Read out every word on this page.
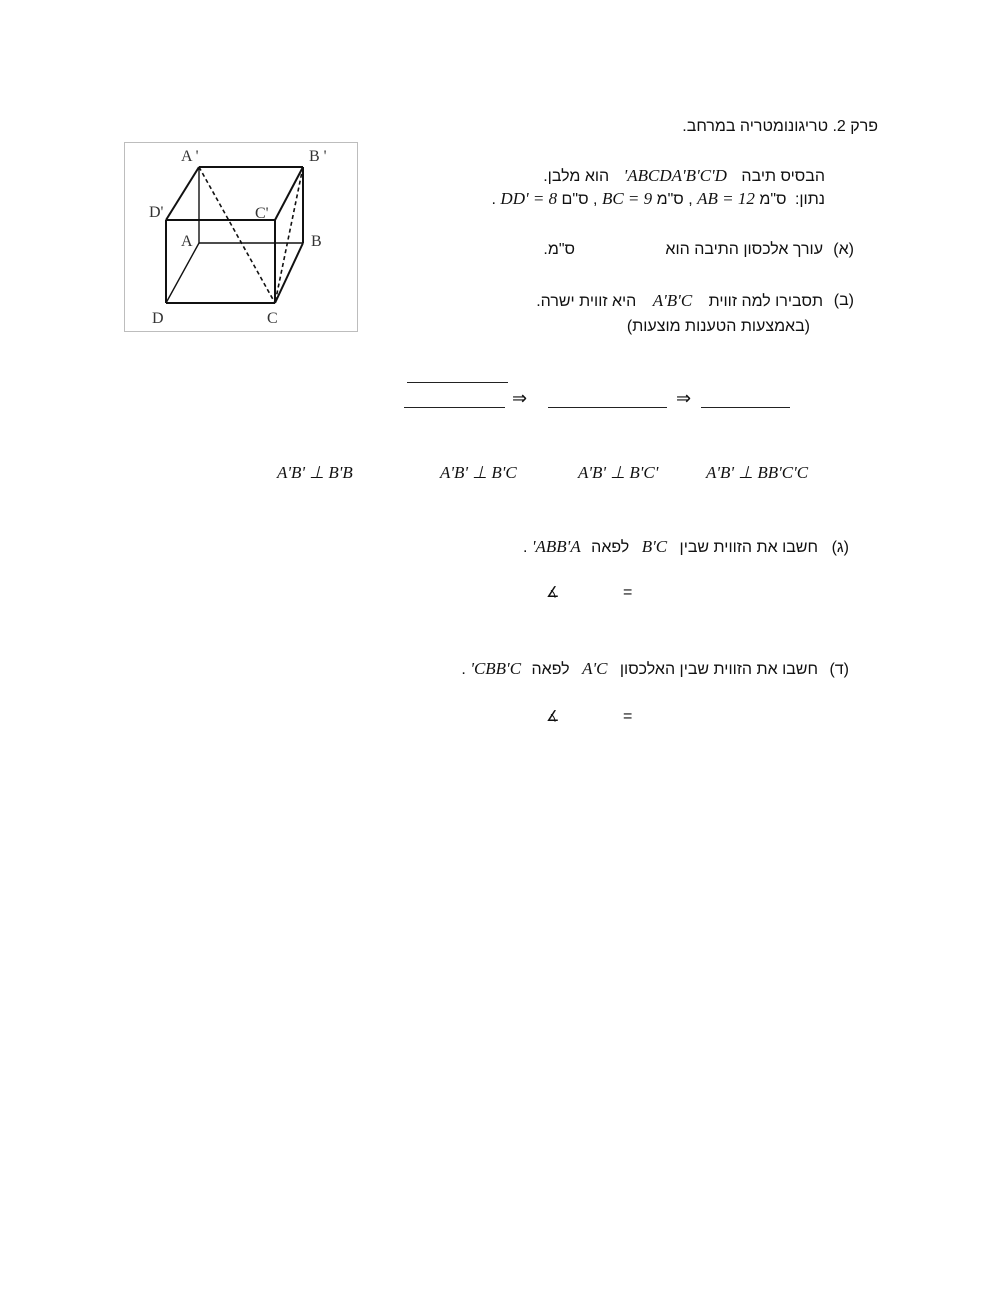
פרק 2. טריגונומטריה במרחב.
A '	B '
D'	C'
A	B
D	C
הבסיס תיבה ABCDA'B'C'D' הוא מלבן.
נתון: ס"מ AB = 12 , ס"מ BC = 9 , ס"ם DD' = 8 .
(א)
עורך אלכסון התיבה הוא
ס"מ.
(ב)
תסבירו למה זווית A'B'C היא זווית ישרה.
(באמצעות הטענות מוצעות)
⇒	⇒
A'B' ⊥ B'B	A'B' ⊥ B'C	A'B' ⊥ B'C'	A'B' ⊥ BB'C'C
(ג)
חשבו את הזווית שבין B'C לפאה ABB'A' .
∡	=
(ד)
חשבו את הזווית שבין האלכסון A'C לפאה CBB'C' .
∡	=
